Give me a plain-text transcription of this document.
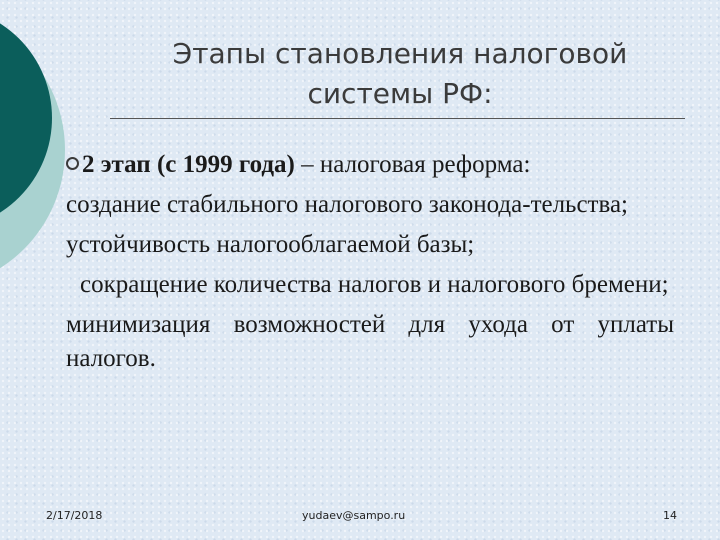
Этапы становления налоговой системы РФ:

2 этап (с 1999 года) – налоговая реформа:

создание стабильного налогового законода-тельства;

устойчивость налогооблагаемой базы;

сокращение количества налогов и налогового бремени;

минимизация возможностей для ухода от уплаты налогов.

2/17/2018	yudaev@sampo.ru	14
